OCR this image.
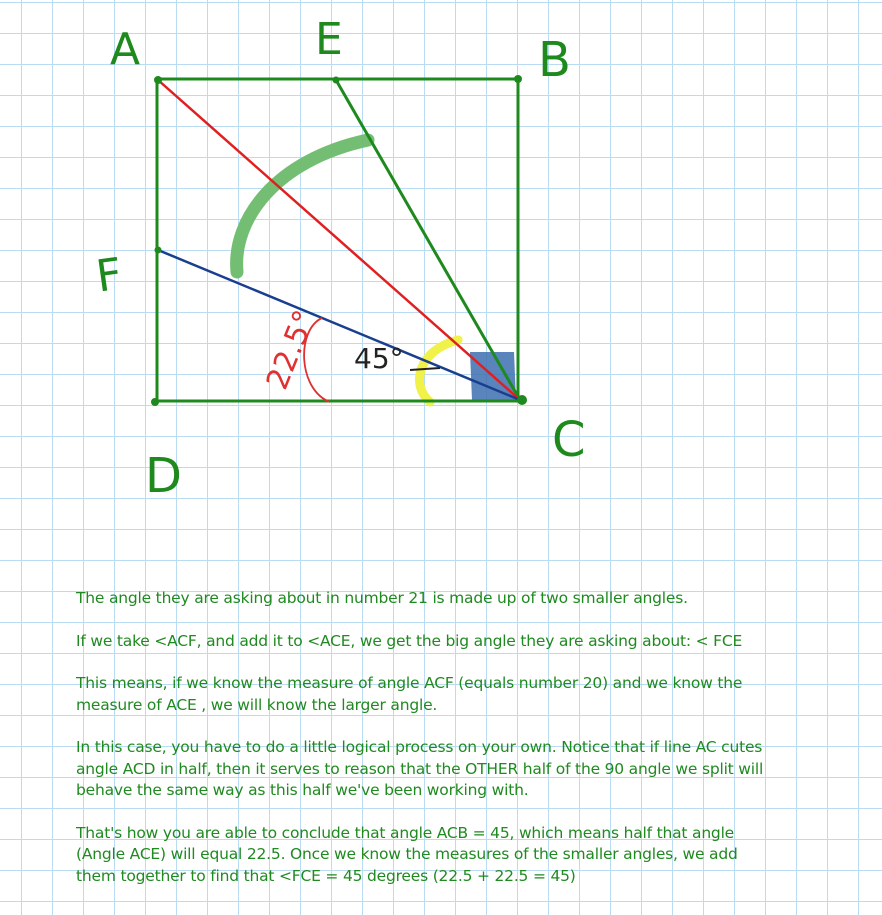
A	E	B
F
C
D
22.5° 45°

The angle they are asking about in number 21 is made up of two smaller angles.

If we take <ACF, and add it to <ACE, we get the big angle they are asking about: < FCE

This means, if we know the measure of angle ACF (equals number 20) and we know the
measure of ACE , we will know the larger angle.

In this case, you have to do a little logical process on your own. Notice that if line AC cutes
angle ACD in half, then it serves to reason that the OTHER half of the 90 angle we split will
behave the same way as this half we've been working with.

That's how you are able to conclude that angle ACB = 45, which means half that angle
(Angle ACE) will equal 22.5. Once we know the measures of the smaller angles, we add
them together to find that <FCE = 45 degrees (22.5 + 22.5 = 45)
